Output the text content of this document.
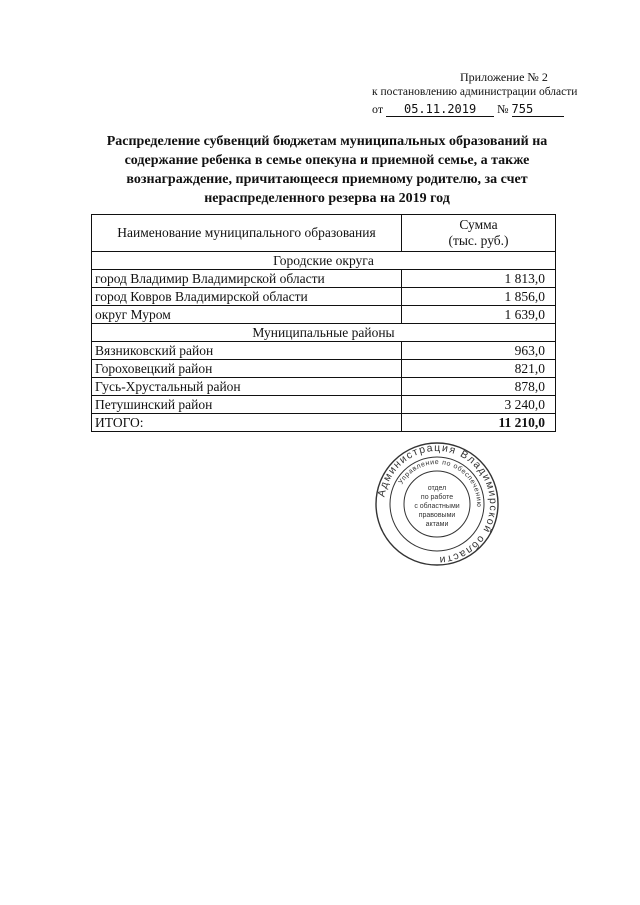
Приложение № 2
к постановлению администрации области
от 05.11.2019 № 755
Распределение субвенций бюджетам муниципальных образований на содержание ребенка в семье опекуна и приемной семье, а также вознаграждение, причитающееся приемному родителю, за счет нераспределенного резерва на 2019 год
Наименование муниципального образования	Сумма
(тыс. руб.)
Городские округа	
город Владимир Владимирской области	1 813,0
город Ковров Владимирской области	1 856,0
округ Муром	1 639,0
Муниципальные районы	
Вязниковский район	963,0
Гороховецкий район	821,0
Гусь-Хрустальный район	878,0
Петушинский район	3 240,0
ИТОГО:	11 210,0
Администрация Владимирской области
Управление по обеспечению
отдел
по работе
с областными
правовыми
актами
